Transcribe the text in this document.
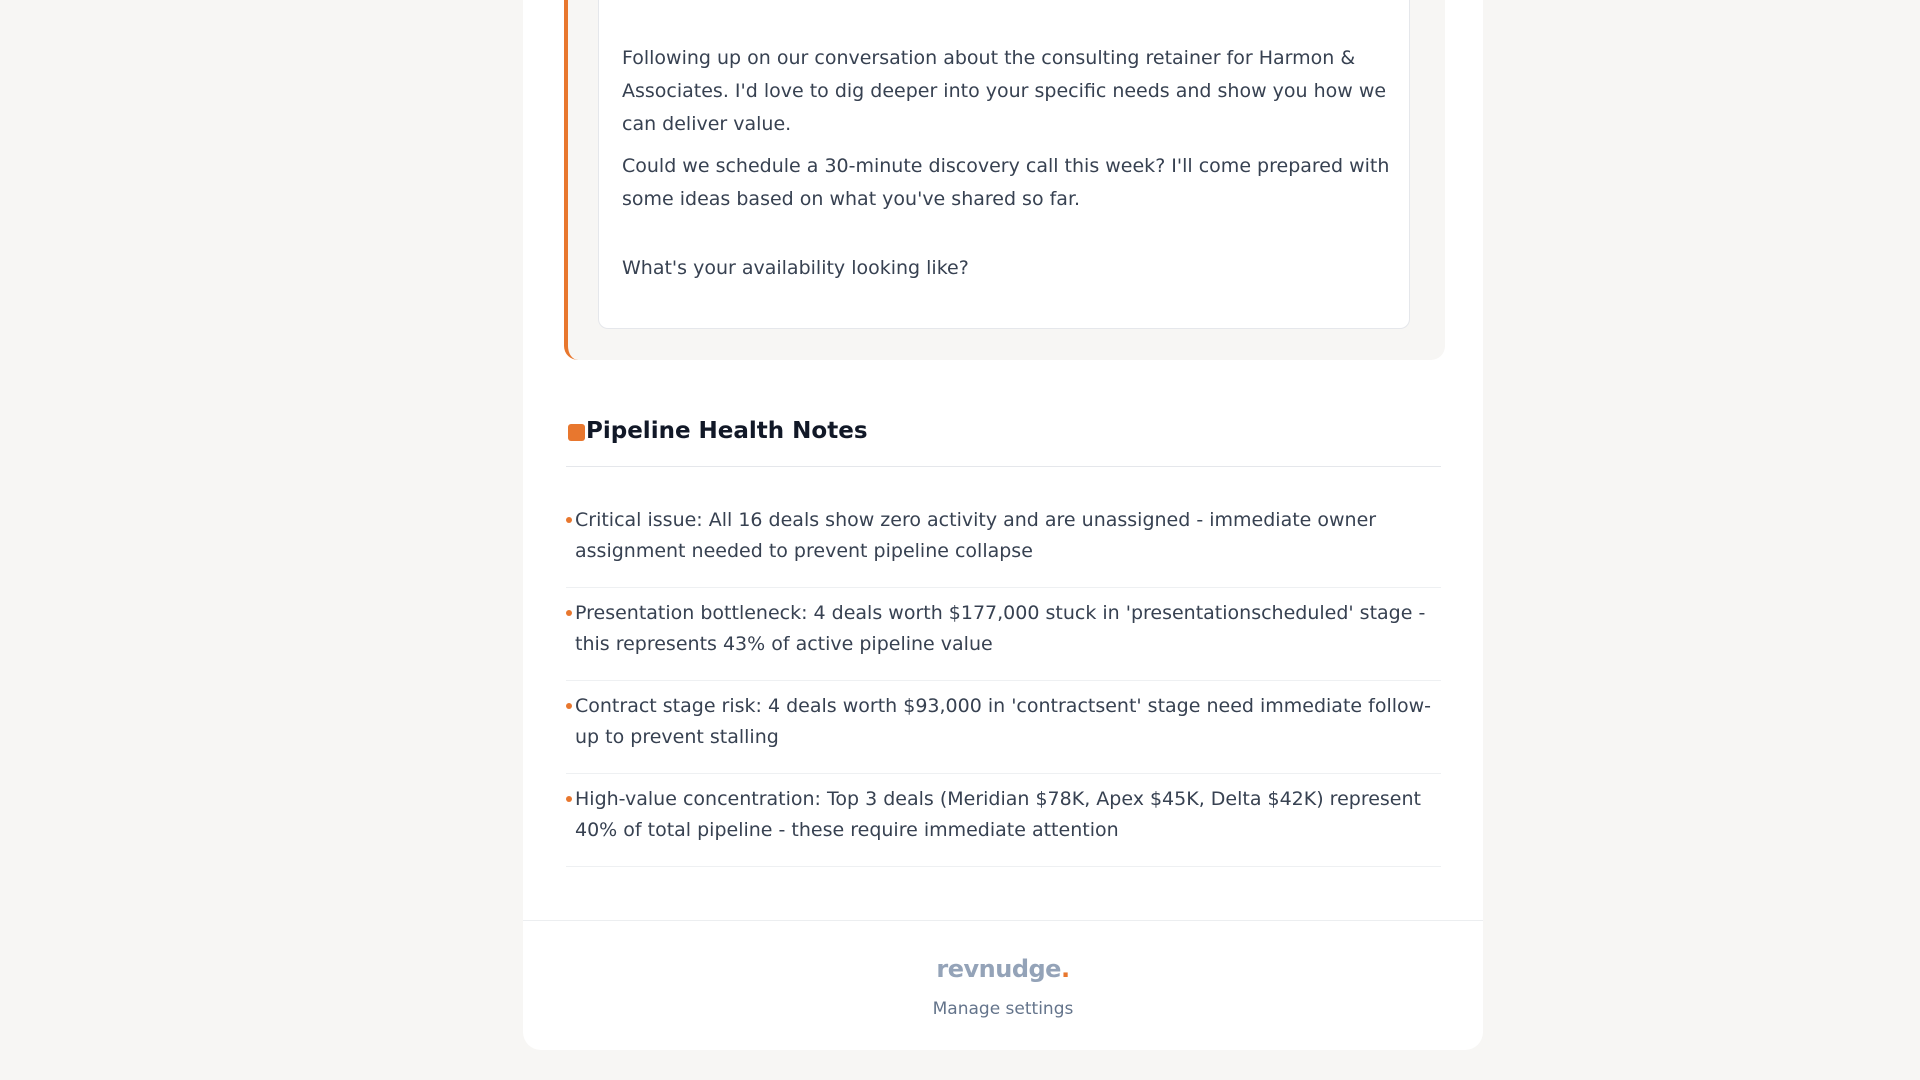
Following up on our conversation about the consulting retainer for Harmon & Associates. I'd love to dig deeper into your specific needs and show you how we can deliver value.

Could we schedule a 30-minute discovery call this week? I'll come prepared with some ideas based on what you've shared so far.

What's your availability looking like?

Pipeline Health Notes
Critical issue: All 16 deals show zero activity and are unassigned - immediate owner assignment needed to prevent pipeline collapse
Presentation bottleneck: 4 deals worth $177,000 stuck in 'presentationscheduled' stage - this represents 43% of active pipeline value
Contract stage risk: 4 deals worth $93,000 in 'contractsent' stage need immediate follow-up to prevent stalling
High-value concentration: Top 3 deals (Meridian $78K, Apex $45K, Delta $42K) represent 40% of total pipeline - these require immediate attention
revnudge.
Manage settings
